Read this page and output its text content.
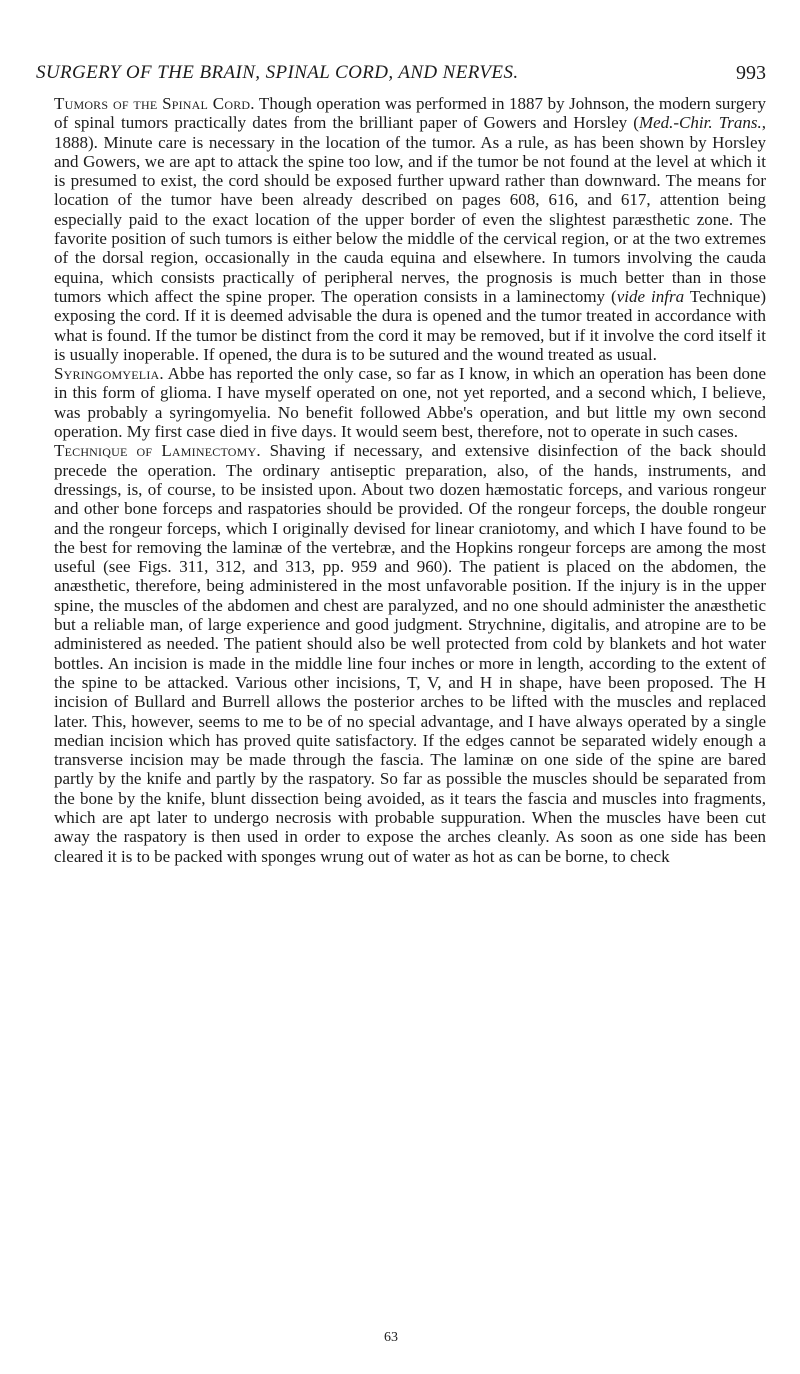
SURGERY OF THE BRAIN, SPINAL CORD, AND NERVES.	993

Tumors of the Spinal Cord. Though operation was performed in 1887 by Johnson, the modern surgery of spinal tumors practically dates from the brilliant paper of Gowers and Horsley (Med.-Chir. Trans., 1888). Minute care is necessary in the location of the tumor. As a rule, as has been shown by Horsley and Gowers, we are apt to attack the spine too low, and if the tumor be not found at the level at which it is presumed to exist, the cord should be exposed further upward rather than downward. The means for location of the tumor have been already described on pages 608, 616, and 617, attention being especially paid to the exact location of the upper border of even the slightest paræsthetic zone. The favorite position of such tumors is either below the middle of the cervical region, or at the two extremes of the dorsal region, occasionally in the cauda equina and elsewhere. In tumors involving the cauda equina, which consists practically of peripheral nerves, the prognosis is much better than in those tumors which affect the spine proper. The operation consists in a laminectomy (vide infra Technique) exposing the cord. If it is deemed advisable the dura is opened and the tumor treated in accordance with what is found. If the tumor be distinct from the cord it may be removed, but if it involve the cord itself it is usually inoperable. If opened, the dura is to be sutured and the wound treated as usual.

Syringomyelia. Abbe has reported the only case, so far as I know, in which an operation has been done in this form of glioma. I have myself operated on one, not yet reported, and a second which, I believe, was probably a syringomyelia. No benefit followed Abbe's operation, and but little my own second operation. My first case died in five days. It would seem best, therefore, not to operate in such cases.

Technique of Laminectomy. Shaving if necessary, and extensive disinfection of the back should precede the operation. The ordinary antiseptic preparation, also, of the hands, instruments, and dressings, is, of course, to be insisted upon. About two dozen hæmostatic forceps, and various rongeur and other bone forceps and raspatories should be provided. Of the rongeur forceps, the double rongeur and the rongeur forceps, which I originally devised for linear craniotomy, and which I have found to be the best for removing the laminæ of the vertebræ, and the Hopkins rongeur forceps are among the most useful (see Figs. 311, 312, and 313, pp. 959 and 960). The patient is placed on the abdomen, the anæsthetic, therefore, being administered in the most unfavorable position. If the injury is in the upper spine, the muscles of the abdomen and chest are paralyzed, and no one should administer the anæsthetic but a reliable man, of large experience and good judgment. Strychnine, digitalis, and atropine are to be administered as needed. The patient should also be well protected from cold by blankets and hot water bottles. An incision is made in the middle line four inches or more in length, according to the extent of the spine to be attacked. Various other incisions, T, V, and H in shape, have been proposed. The H incision of Bullard and Burrell allows the posterior arches to be lifted with the muscles and replaced later. This, however, seems to me to be of no special advantage, and I have always operated by a single median incision which has proved quite satisfactory. If the edges cannot be separated widely enough a transverse incision may be made through the fascia. The laminæ on one side of the spine are bared partly by the knife and partly by the raspatory. So far as possible the muscles should be separated from the bone by the knife, blunt dissection being avoided, as it tears the fascia and muscles into fragments, which are apt later to undergo necrosis with probable suppuration. When the muscles have been cut away the raspatory is then used in order to expose the arches cleanly. As soon as one side has been cleared it is to be packed with sponges wrung out of water as hot as can be borne, to check

63
